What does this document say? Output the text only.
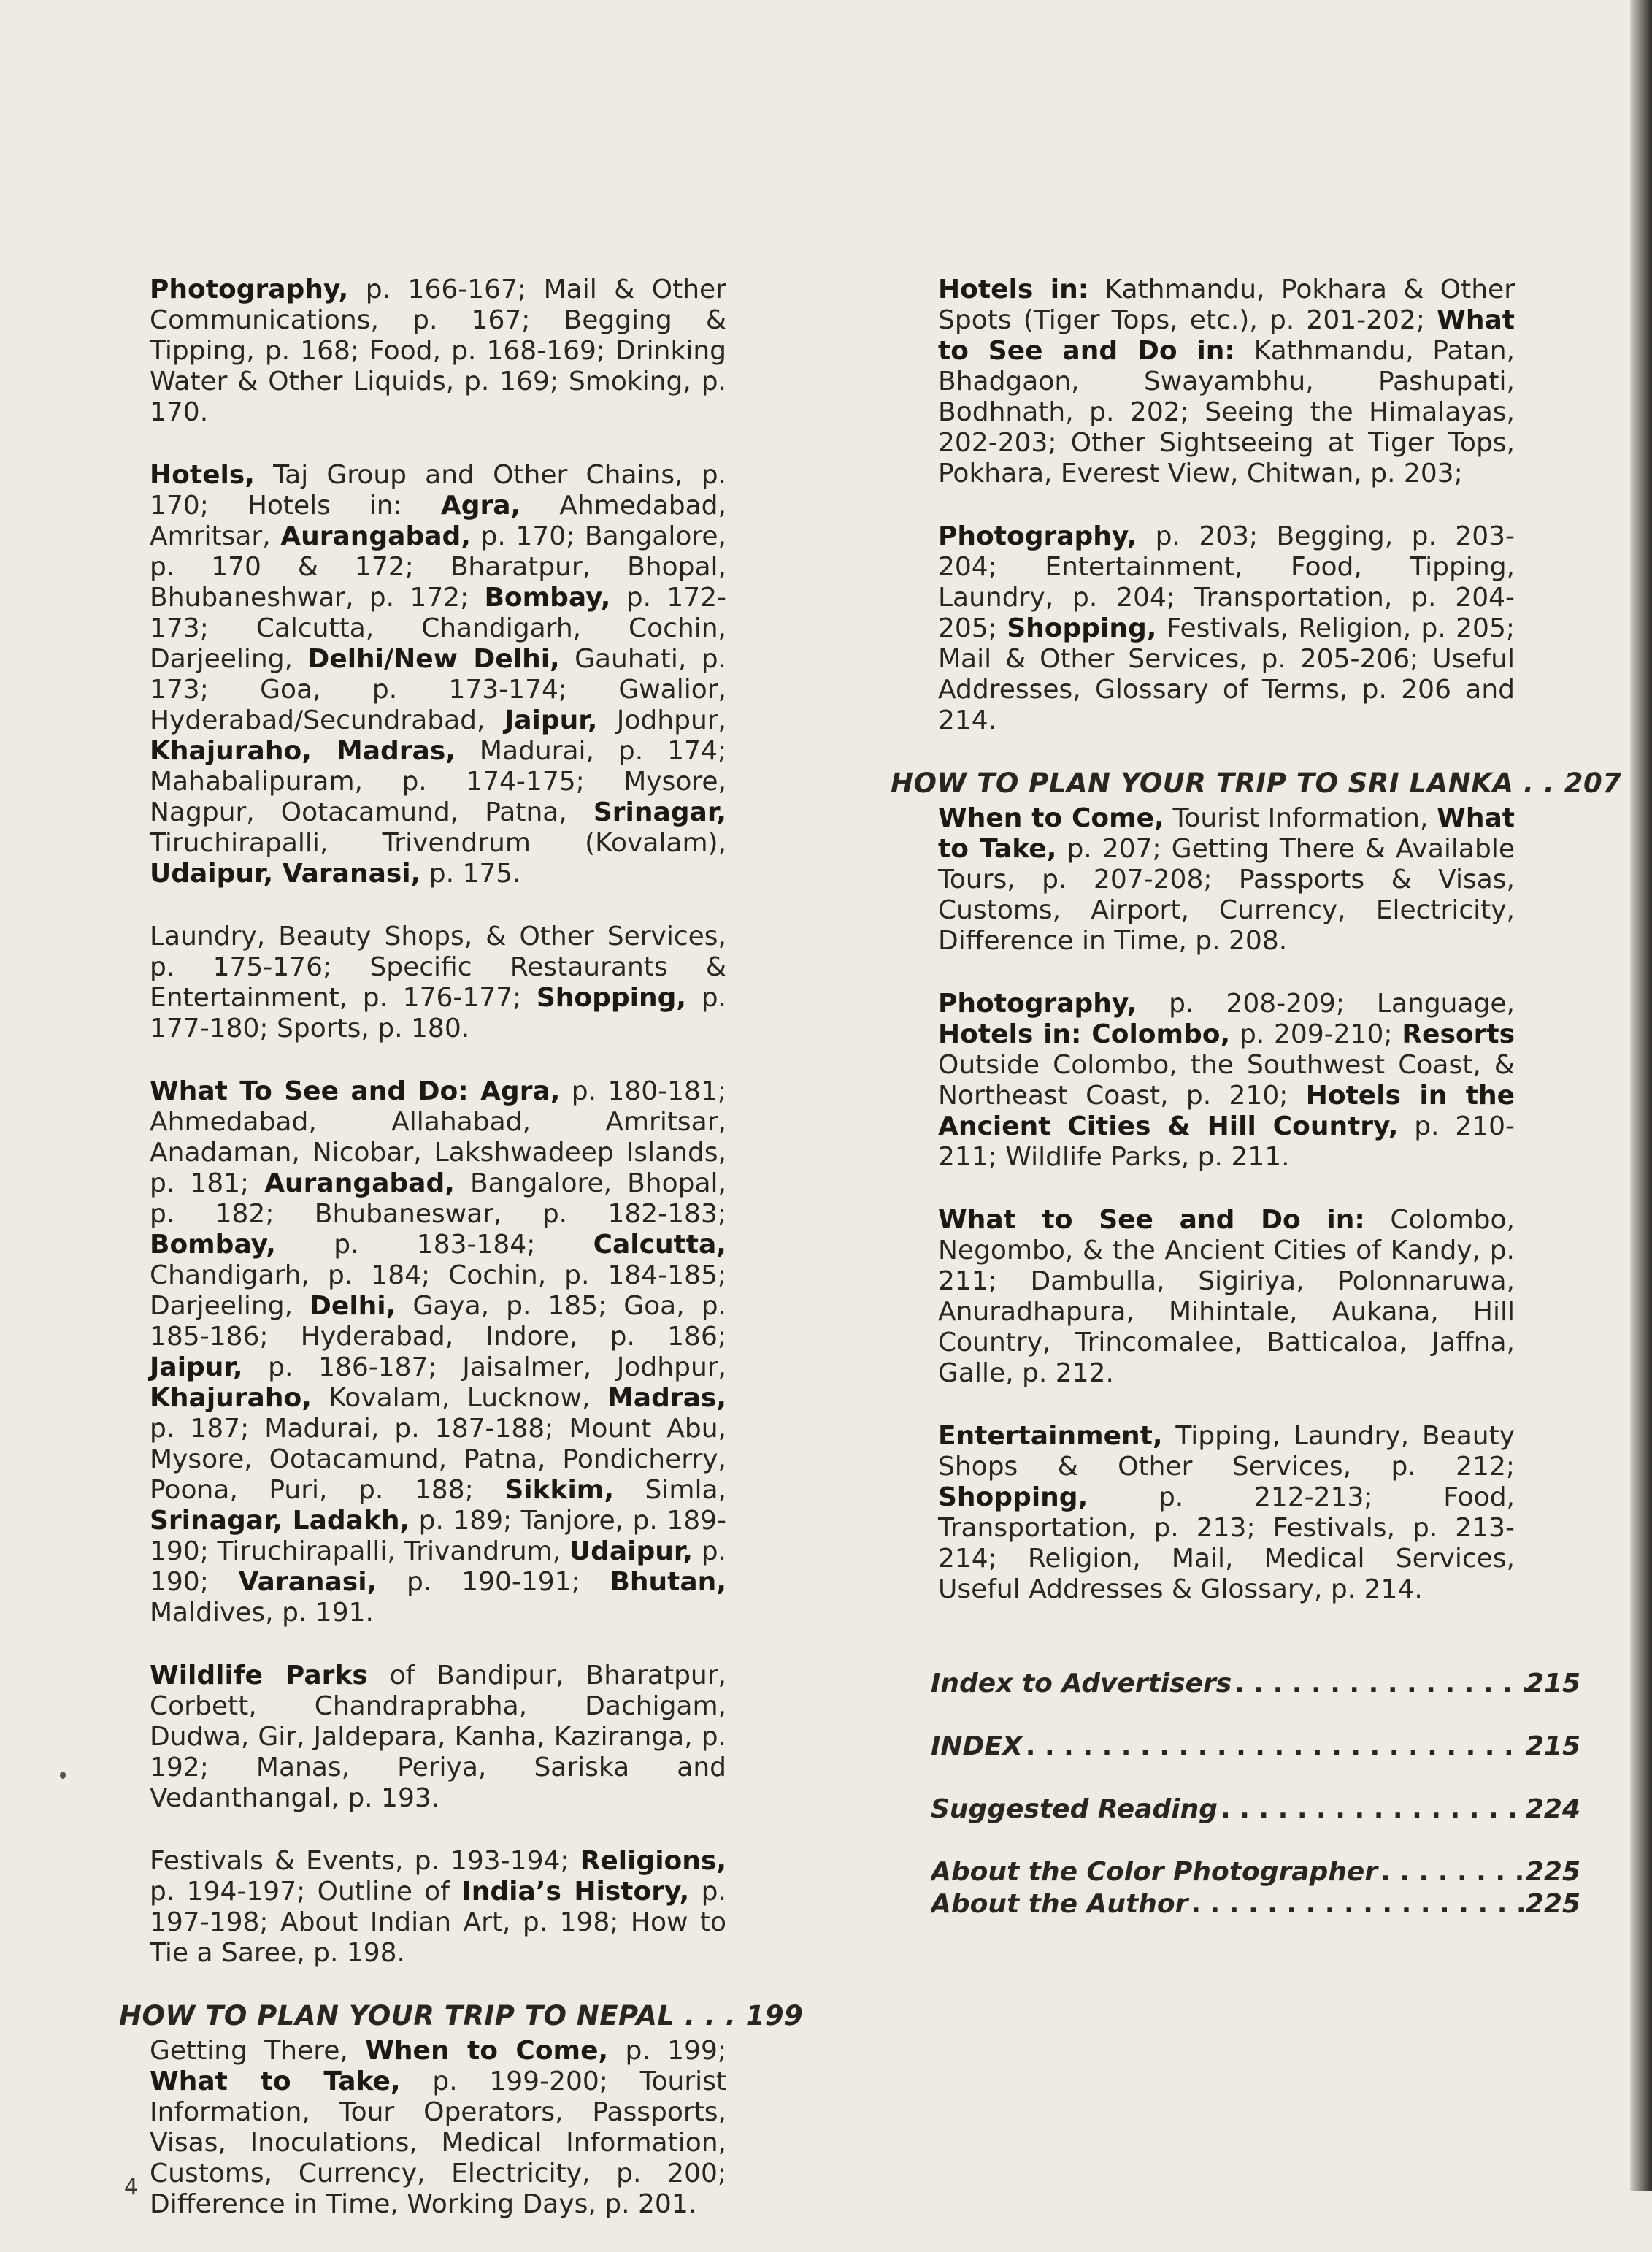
Photography, p. 166-167; Mail & Other Communications, p. 167; Begging & Tipping, p. 168; Food, p. 168-169; Drinking Water & Other Liquids, p. 169; Smoking, p. 170.

Hotels, Taj Group and Other Chains, p. 170; Hotels in: Agra, Ahmedabad, Amritsar, Aurangabad, p. 170; Bangalore, p. 170 & 172; Bharatpur, Bhopal, Bhubaneshwar, p. 172; Bombay, p. 172-173; Calcutta, Chandigarh, Cochin, Darjeeling, Delhi/New Delhi, Gauhati, p. 173; Goa, p. 173-174; Gwalior, Hyderabad/Secundrabad, Jaipur, Jodhpur, Khajuraho, Madras, Madurai, p. 174; Mahabalipuram, p. 174-175; Mysore, Nagpur, Ootacamund, Patna, Srinagar, Tiruchirapalli, Trivendrum (Kovalam), Udaipur, Varanasi, p. 175.

Laundry, Beauty Shops, & Other Services, p. 175-176; Specific Restaurants & Entertainment, p. 176-177; Shopping, p. 177-180; Sports, p. 180.

What To See and Do: Agra, p. 180-181; Ahmedabad, Allahabad, Amritsar, Anadaman, Nicobar, Lakshwadeep Islands, p. 181; Aurangabad, Bangalore, Bhopal, p. 182; Bhubaneswar, p. 182-183; Bombay, p. 183-184; Calcutta, Chandigarh, p. 184; Cochin, p. 184-185; Darjeeling, Delhi, Gaya, p. 185; Goa, p. 185-186; Hyderabad, Indore, p. 186; Jaipur, p. 186-187; Jaisalmer, Jodhpur, Khajuraho, Kovalam, Lucknow, Madras, p. 187; Madurai, p. 187-188; Mount Abu, Mysore, Ootacamund, Patna, Pondicherry, Poona, Puri, p. 188; Sikkim, Simla, Srinagar, Ladakh, p. 189; Tanjore, p. 189-190; Tiruchirapalli, Trivandrum, Udaipur, p. 190; Varanasi, p. 190-191; Bhutan, Maldives, p. 191.

Wildlife Parks of Bandipur, Bharatpur, Corbett, Chandraprabha, Dachigam, Dudwa, Gir, Jaldepara, Kanha, Kaziranga, p. 192; Manas, Periya, Sariska and Vedanthangal, p. 193.

Festivals & Events, p. 193-194; Religions, p. 194-197; Outline of India’s History, p. 197-198; About Indian Art, p. 198; How to Tie a Saree, p. 198.

HOW TO PLAN YOUR TRIP TO NEPAL . . . 199

Getting There, When to Come, p. 199; What to Take, p. 199-200; Tourist Information, Tour Operators, Passports, Visas, Inoculations, Medical Information, Customs, Currency, Electricity, p. 200; Difference in Time, Working Days, p. 201.

Hotels in: Kathmandu, Pokhara & Other Spots (Tiger Tops, etc.), p. 201-202; What to See and Do in: Kathmandu, Patan, Bhadgaon, Swayambhu, Pashupati, Bodhnath, p. 202; Seeing the Himalayas, 202-203; Other Sightseeing at Tiger Tops, Pokhara, Everest View, Chitwan, p. 203;

Photography, p. 203; Begging, p. 203-204; Entertainment, Food, Tipping, Laundry, p. 204; Transportation, p. 204-205; Shopping, Festivals, Religion, p. 205; Mail & Other Services, p. 205-206; Useful Addresses, Glossary of Terms, p. 206 and 214.

HOW TO PLAN YOUR TRIP TO SRI LANKA . . 207

When to Come, Tourist Information, What to Take, p. 207; Getting There & Available Tours, p. 207-208; Passports & Visas, Customs, Airport, Currency, Electricity, Difference in Time, p. 208.

Photography, p. 208-209; Language, Hotels in: Colombo, p. 209-210; Resorts Outside Colombo, the Southwest Coast, & Northeast Coast, p. 210; Hotels in the Ancient Cities & Hill Country, p. 210-211; Wildlife Parks, p. 211.

What to See and Do in: Colombo, Negombo, & the Ancient Cities of Kandy, p. 211; Dambulla, Sigiriya, Polonnaruwa, Anuradhapura, Mihintale, Aukana, Hill Country, Trincomalee, Batticaloa, Jaffna, Galle, p. 212.

Entertainment, Tipping, Laundry, Beauty Shops & Other Services, p. 212; Shopping, p. 212-213; Food, Transportation, p. 213; Festivals, p. 213-214; Religion, Mail, Medical Services, Useful Addresses & Glossary, p. 214.

Index to Advertisers . . .	215
INDEX . . .	215
Suggested Reading . . .	224
About the Color Photographer . . .	225
About the Author . . .	225
4
